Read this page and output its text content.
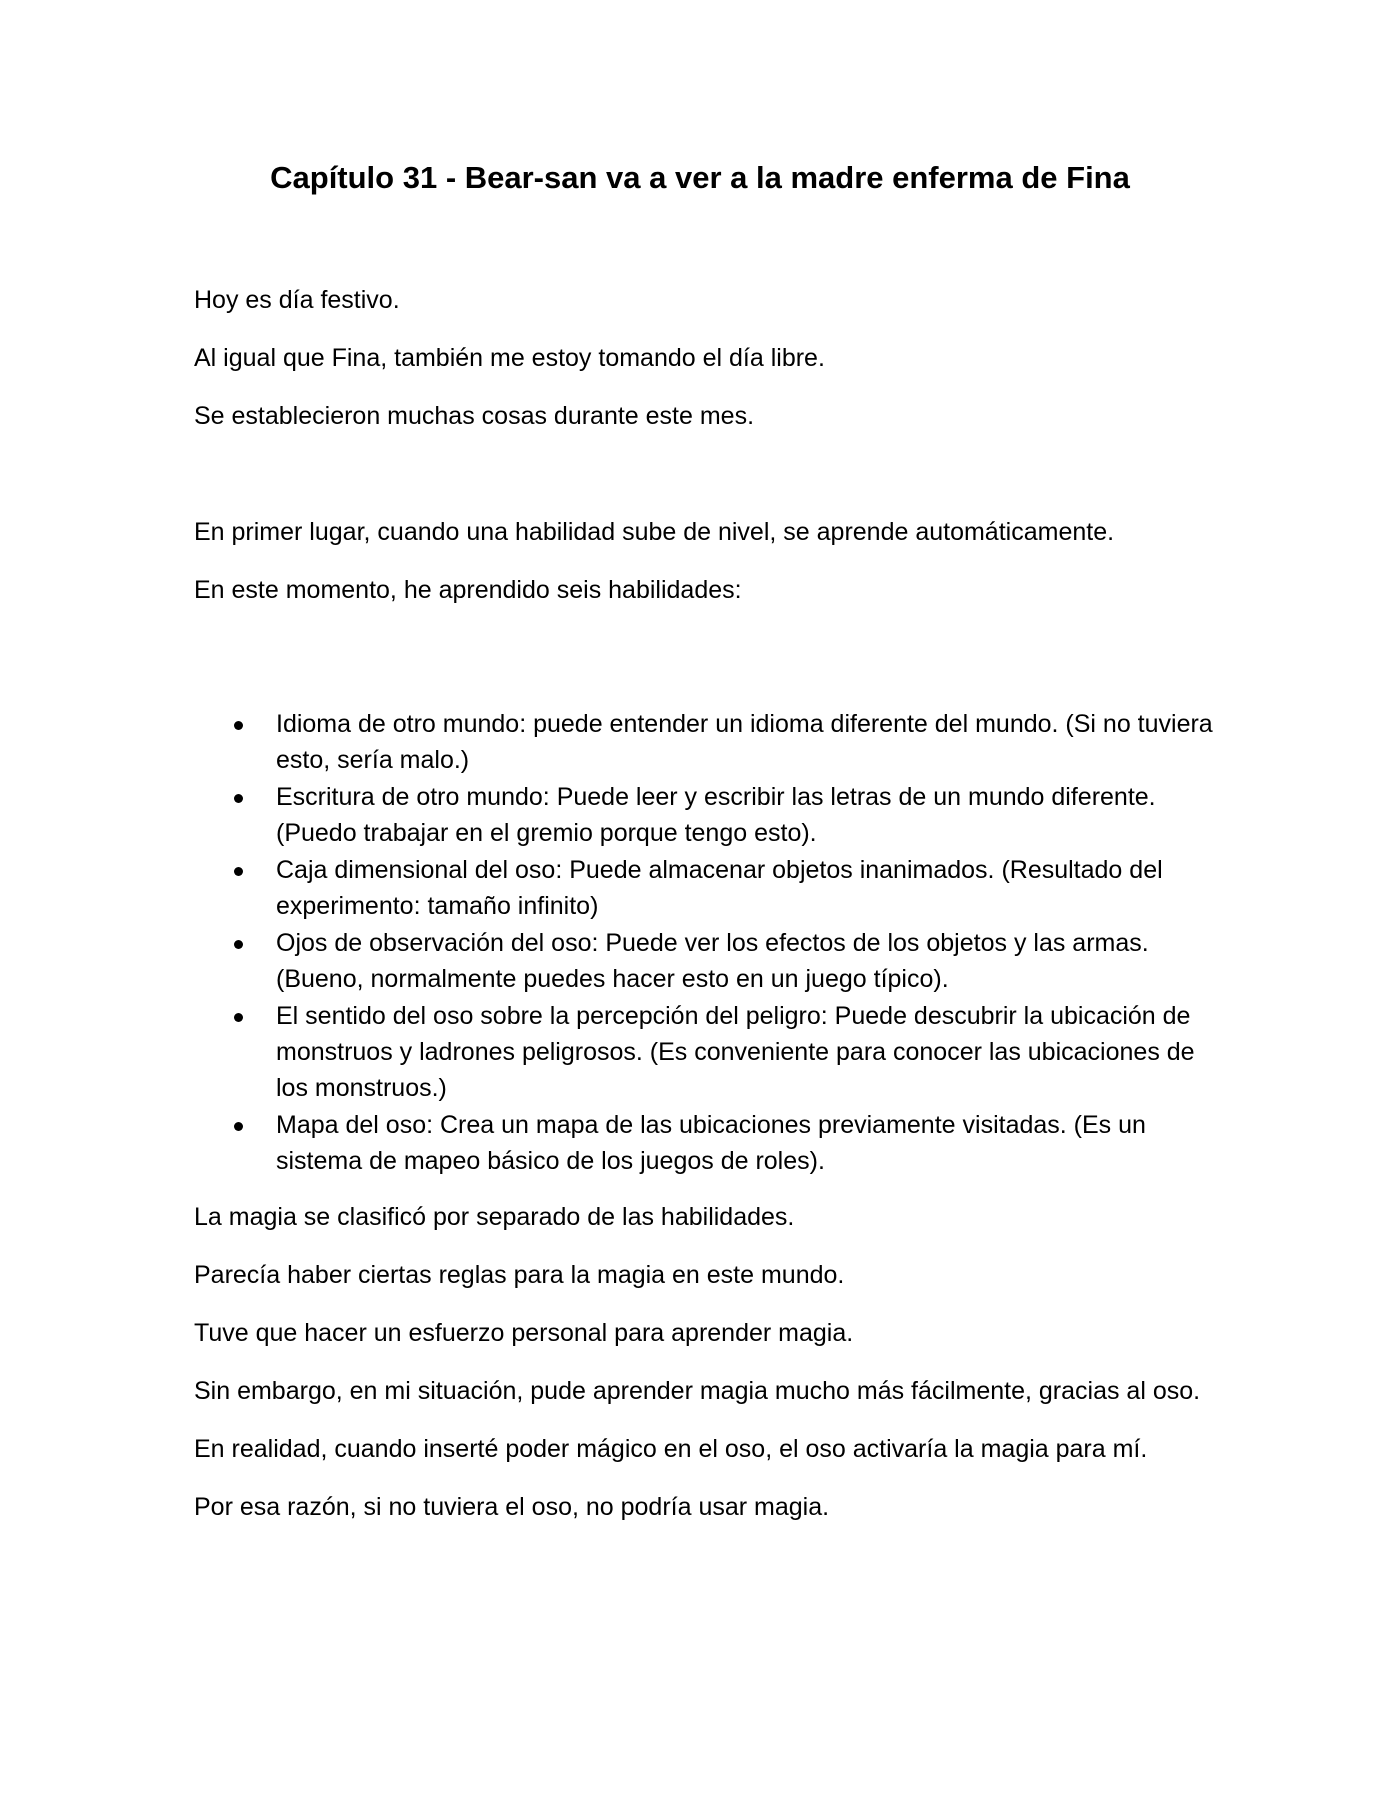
Capítulo 31 - Bear-san va a ver a la madre enferma de Fina

Hoy es día festivo.

Al igual que Fina, también me estoy tomando el día libre.

Se establecieron muchas cosas durante este mes.

En primer lugar, cuando una habilidad sube de nivel, se aprende automáticamente.

En este momento, he aprendido seis habilidades:

Idioma de otro mundo: puede entender un idioma diferente del mundo. (Si no tuviera esto, sería malo.)
Escritura de otro mundo: Puede leer y escribir las letras de un mundo diferente. (Puedo trabajar en el gremio porque tengo esto).
Caja dimensional del oso: Puede almacenar objetos inanimados. (Resultado del experimento: tamaño infinito)
Ojos de observación del oso: Puede ver los efectos de los objetos y las armas. (Bueno, normalmente puedes hacer esto en un juego típico).
El sentido del oso sobre la percepción del peligro: Puede descubrir la ubicación de monstruos y ladrones peligrosos. (Es conveniente para conocer las ubicaciones de los monstruos.)
Mapa del oso: Crea un mapa de las ubicaciones previamente visitadas. (Es un sistema de mapeo básico de los juegos de roles).

La magia se clasificó por separado de las habilidades.

Parecía haber ciertas reglas para la magia en este mundo.

Tuve que hacer un esfuerzo personal para aprender magia.

Sin embargo, en mi situación, pude aprender magia mucho más fácilmente, gracias al oso.

En realidad, cuando inserté poder mágico en el oso, el oso activaría la magia para mí.

Por esa razón, si no tuviera el oso, no podría usar magia.
